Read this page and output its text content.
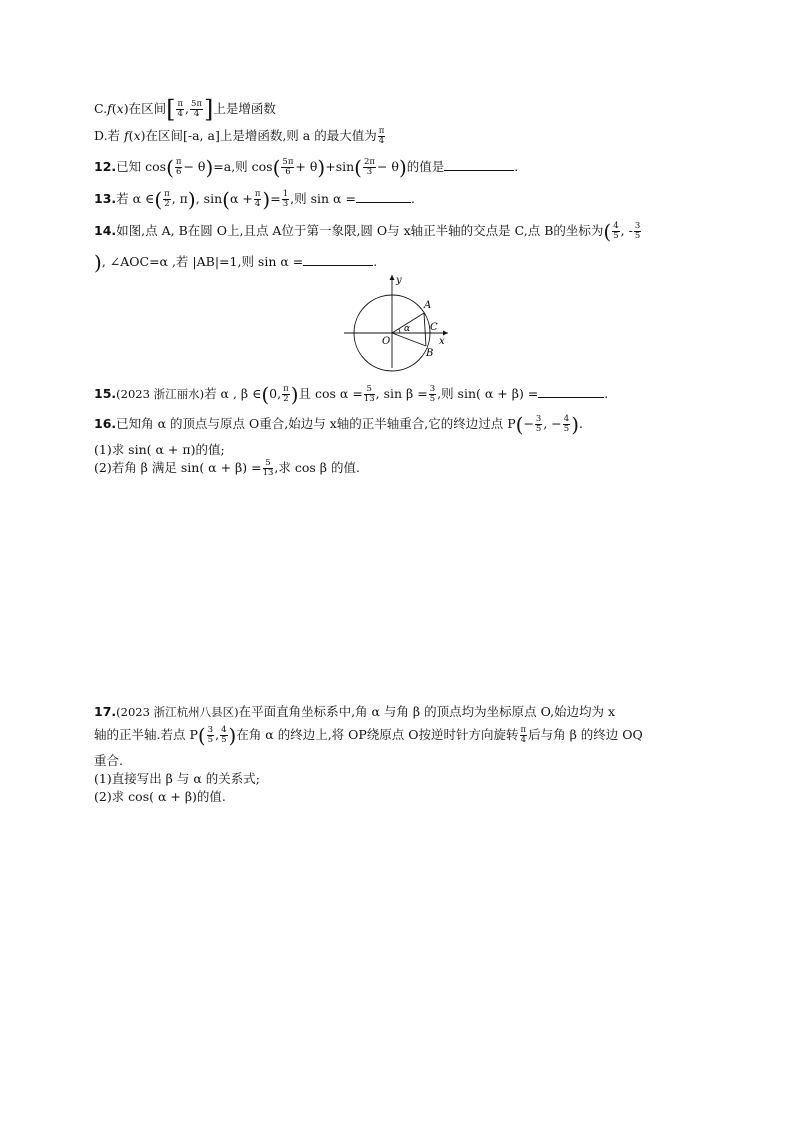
C.f(x)在区间[ $\frac{\pi}{4}$ , $\frac{5\pi}{4}$ ]上是增函数
D.若 f(x)在区间[-a, a]上是增函数,则 a 的最大值为 $\frac{\pi}{4}$
12.已知 $\cos( \frac{\pi}{6} - \theta)=a$,则 $\cos( \frac{5\pi}{6} + \theta)+\sin( \frac{2\pi}{3} - \theta)$的值是	.
13.若 α ∈( $\frac{\pi}{2}$ , π), $\sin(\alpha + \frac{\pi}{4}$ )= $\frac{1}{3}$ ,则 sin α =	.
14.如图,点 A, B在圆 O上,且点 A位于第一象限,圆 O与 x轴正半轴的交点是 C,点 B的坐标为( $\frac{4}{5}$ , - $\frac{3}{5}$
), ∠AOC=α ,若 |AB|=1,则 sin α =	.
y
x
O
A
B
C
α
15.(2023 浙江丽水)若 α , β ∈(0, $\frac{\pi}{2}$ )且 $\cos \alpha = \frac{5}{13}$ , $\sin \beta = \frac{3}{5}$ ,则 sin( α + β) =	.
16.已知角 α 的顶点与原点 O重合,始边与 x轴的正半轴重合,它的终边过点 $P(- \frac{3}{5}$ , − $\frac{4}{5}$ ).
(1)求 sin( α + π)的值;
(2)若角 β 满足 sin( $\alpha + \beta) = \frac{5}{13}$ ,求 cos β 的值.
17.(2023 浙江杭州八县区)在平面直角坐标系中,角 α 与角 β 的顶点均为坐标原点 O,始边均为 x
轴的正半轴.若点 $P( \frac{3}{5}$ , $\frac{4}{5}$ )在角 α 的终边上,将 OP绕原点 O按逆时针方向旋转 $\frac{\pi}{4}$ 后与角 β 的终边 OQ
重合.
(1)直接写出 β 与 α 的关系式;
(2)求 cos( α + β)的值.
